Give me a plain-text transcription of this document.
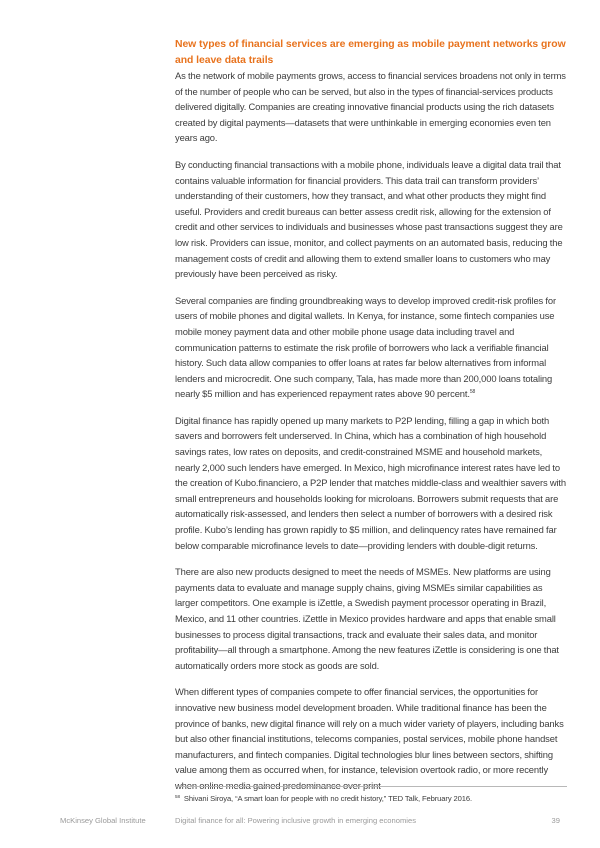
New types of financial services are emerging as mobile payment networks grow and leave data trails

As the network of mobile payments grows, access to financial services broadens not only in terms of the number of people who can be served, but also in the types of financial-services products delivered digitally. Companies are creating innovative financial products using the rich datasets created by digital payments—datasets that were unthinkable in emerging economies even ten years ago.

By conducting financial transactions with a mobile phone, individuals leave a digital data trail that contains valuable information for financial providers. This data trail can transform providers’ understanding of their customers, how they transact, and what other products they might find useful. Providers and credit bureaus can better assess credit risk, allowing for the extension of credit and other services to individuals and businesses whose past transactions suggest they are low risk. Providers can issue, monitor, and collect payments on an automated basis, reducing the management costs of credit and allowing them to extend smaller loans to customers who may previously have been perceived as risky.

Several companies are finding groundbreaking ways to develop improved credit-risk profiles for users of mobile phones and digital wallets. In Kenya, for instance, some fintech companies use mobile money payment data and other mobile phone usage data including travel and communication patterns to estimate the risk profile of borrowers who lack a verifiable financial history. Such data allow companies to offer loans at rates far below alternatives from informal lenders and microcredit. One such company, Tala, has made more than 200,000 loans totaling nearly $5 million and has experienced repayment rates above 90 percent.$^{58}$

Digital finance has rapidly opened up many markets to P2P lending, filling a gap in which both savers and borrowers felt underserved. In China, which has a combination of high household savings rates, low rates on deposits, and credit-constrained MSME and household markets, nearly 2,000 such lenders have emerged. In Mexico, high microfinance interest rates have led to the creation of Kubo.financiero, a P2P lender that matches middle-class and wealthier savers with small entrepreneurs and households looking for microloans. Borrowers submit requests that are automatically risk-assessed, and lenders then select a number of borrowers with a desired risk profile. Kubo’s lending has grown rapidly to $5 million, and delinquency rates have remained far below comparable microfinance levels to date—providing lenders with double-digit returns.

There are also new products designed to meet the needs of MSMEs. New platforms are using payments data to evaluate and manage supply chains, giving MSMEs similar capabilities as larger competitors. One example is iZettle, a Swedish payment processor operating in Brazil, Mexico, and 11 other countries. iZettle in Mexico provides hardware and apps that enable small businesses to process digital transactions, track and evaluate their sales data, and monitor profitability—all through a smartphone. Among the new features iZettle is considering is one that automatically orders more stock as goods are sold.

When different types of companies compete to offer financial services, the opportunities for innovative new business model development broaden. While traditional finance has been the province of banks, new digital finance will rely on a much wider variety of players, including banks but also other financial institutions, telecoms companies, postal services, mobile phone handset manufacturers, and fintech companies. Digital technologies blur lines between sectors, shifting value among them as occurred when, for instance, television overtook radio, or more recently when online media gained predominance over print

$^{58}$ Shivani Siroya, “A smart loan for people with no credit history,” TED Talk, February 2016.
McKinsey Global Institute	Digital finance for all: Powering inclusive growth in emerging economies	39
